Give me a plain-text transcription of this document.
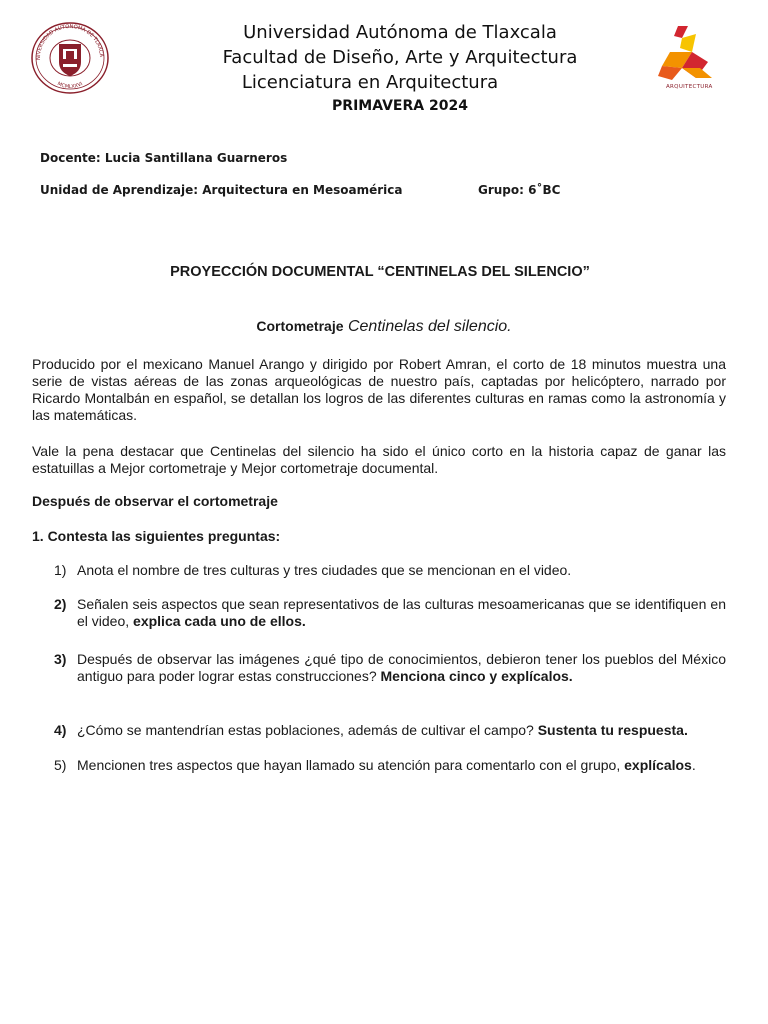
NIVERSIDAD AUTÓNOMA DE TLAXCA
MCMLXXVI
Universidad Autónoma de Tlaxcala
Facultad de Diseño, Arte y Arquitectura
Licenciatura en Arquitectura
PRIMAVERA 2024
ARQUITECTURA
Docente: Lucia Santillana Guarneros
Unidad de Aprendizaje: Arquitectura en Mesoamérica	Grupo: 6˚BC
PROYECCIÓN DOCUMENTAL “CENTINELAS DEL SILENCIO”
Cortometraje Centinelas del silencio.
Producido por el mexicano Manuel Arango y dirigido por Robert Amran, el corto de 18 minutos muestra una serie de vistas aéreas de las zonas arqueológicas de nuestro país, captadas por helicóptero, narrado por Ricardo Montalbán en español, se detallan los logros de las diferentes culturas en ramas como la astronomía y las matemáticas.
Vale la pena destacar que Centinelas del silencio ha sido el único corto en la historia capaz de ganar las estatuillas a Mejor cortometraje y Mejor cortometraje documental.
Después de observar el cortometraje
1. Contesta las siguientes preguntas:
1) Anota el nombre de tres culturas y tres ciudades que se mencionan en el video.
2) Señalen seis aspectos que sean representativos de las culturas mesoamericanas que se identifiquen en el video, explica cada uno de ellos.
3) Después de observar las imágenes ¿qué tipo de conocimientos, debieron tener los pueblos del México antiguo para poder lograr estas construcciones? Menciona cinco y explícalos.
4) ¿Cómo se mantendrían estas poblaciones, además de cultivar el campo? Sustenta tu respuesta.
5) Mencionen tres aspectos que hayan llamado su atención para comentarlo con el grupo, explícalos.
